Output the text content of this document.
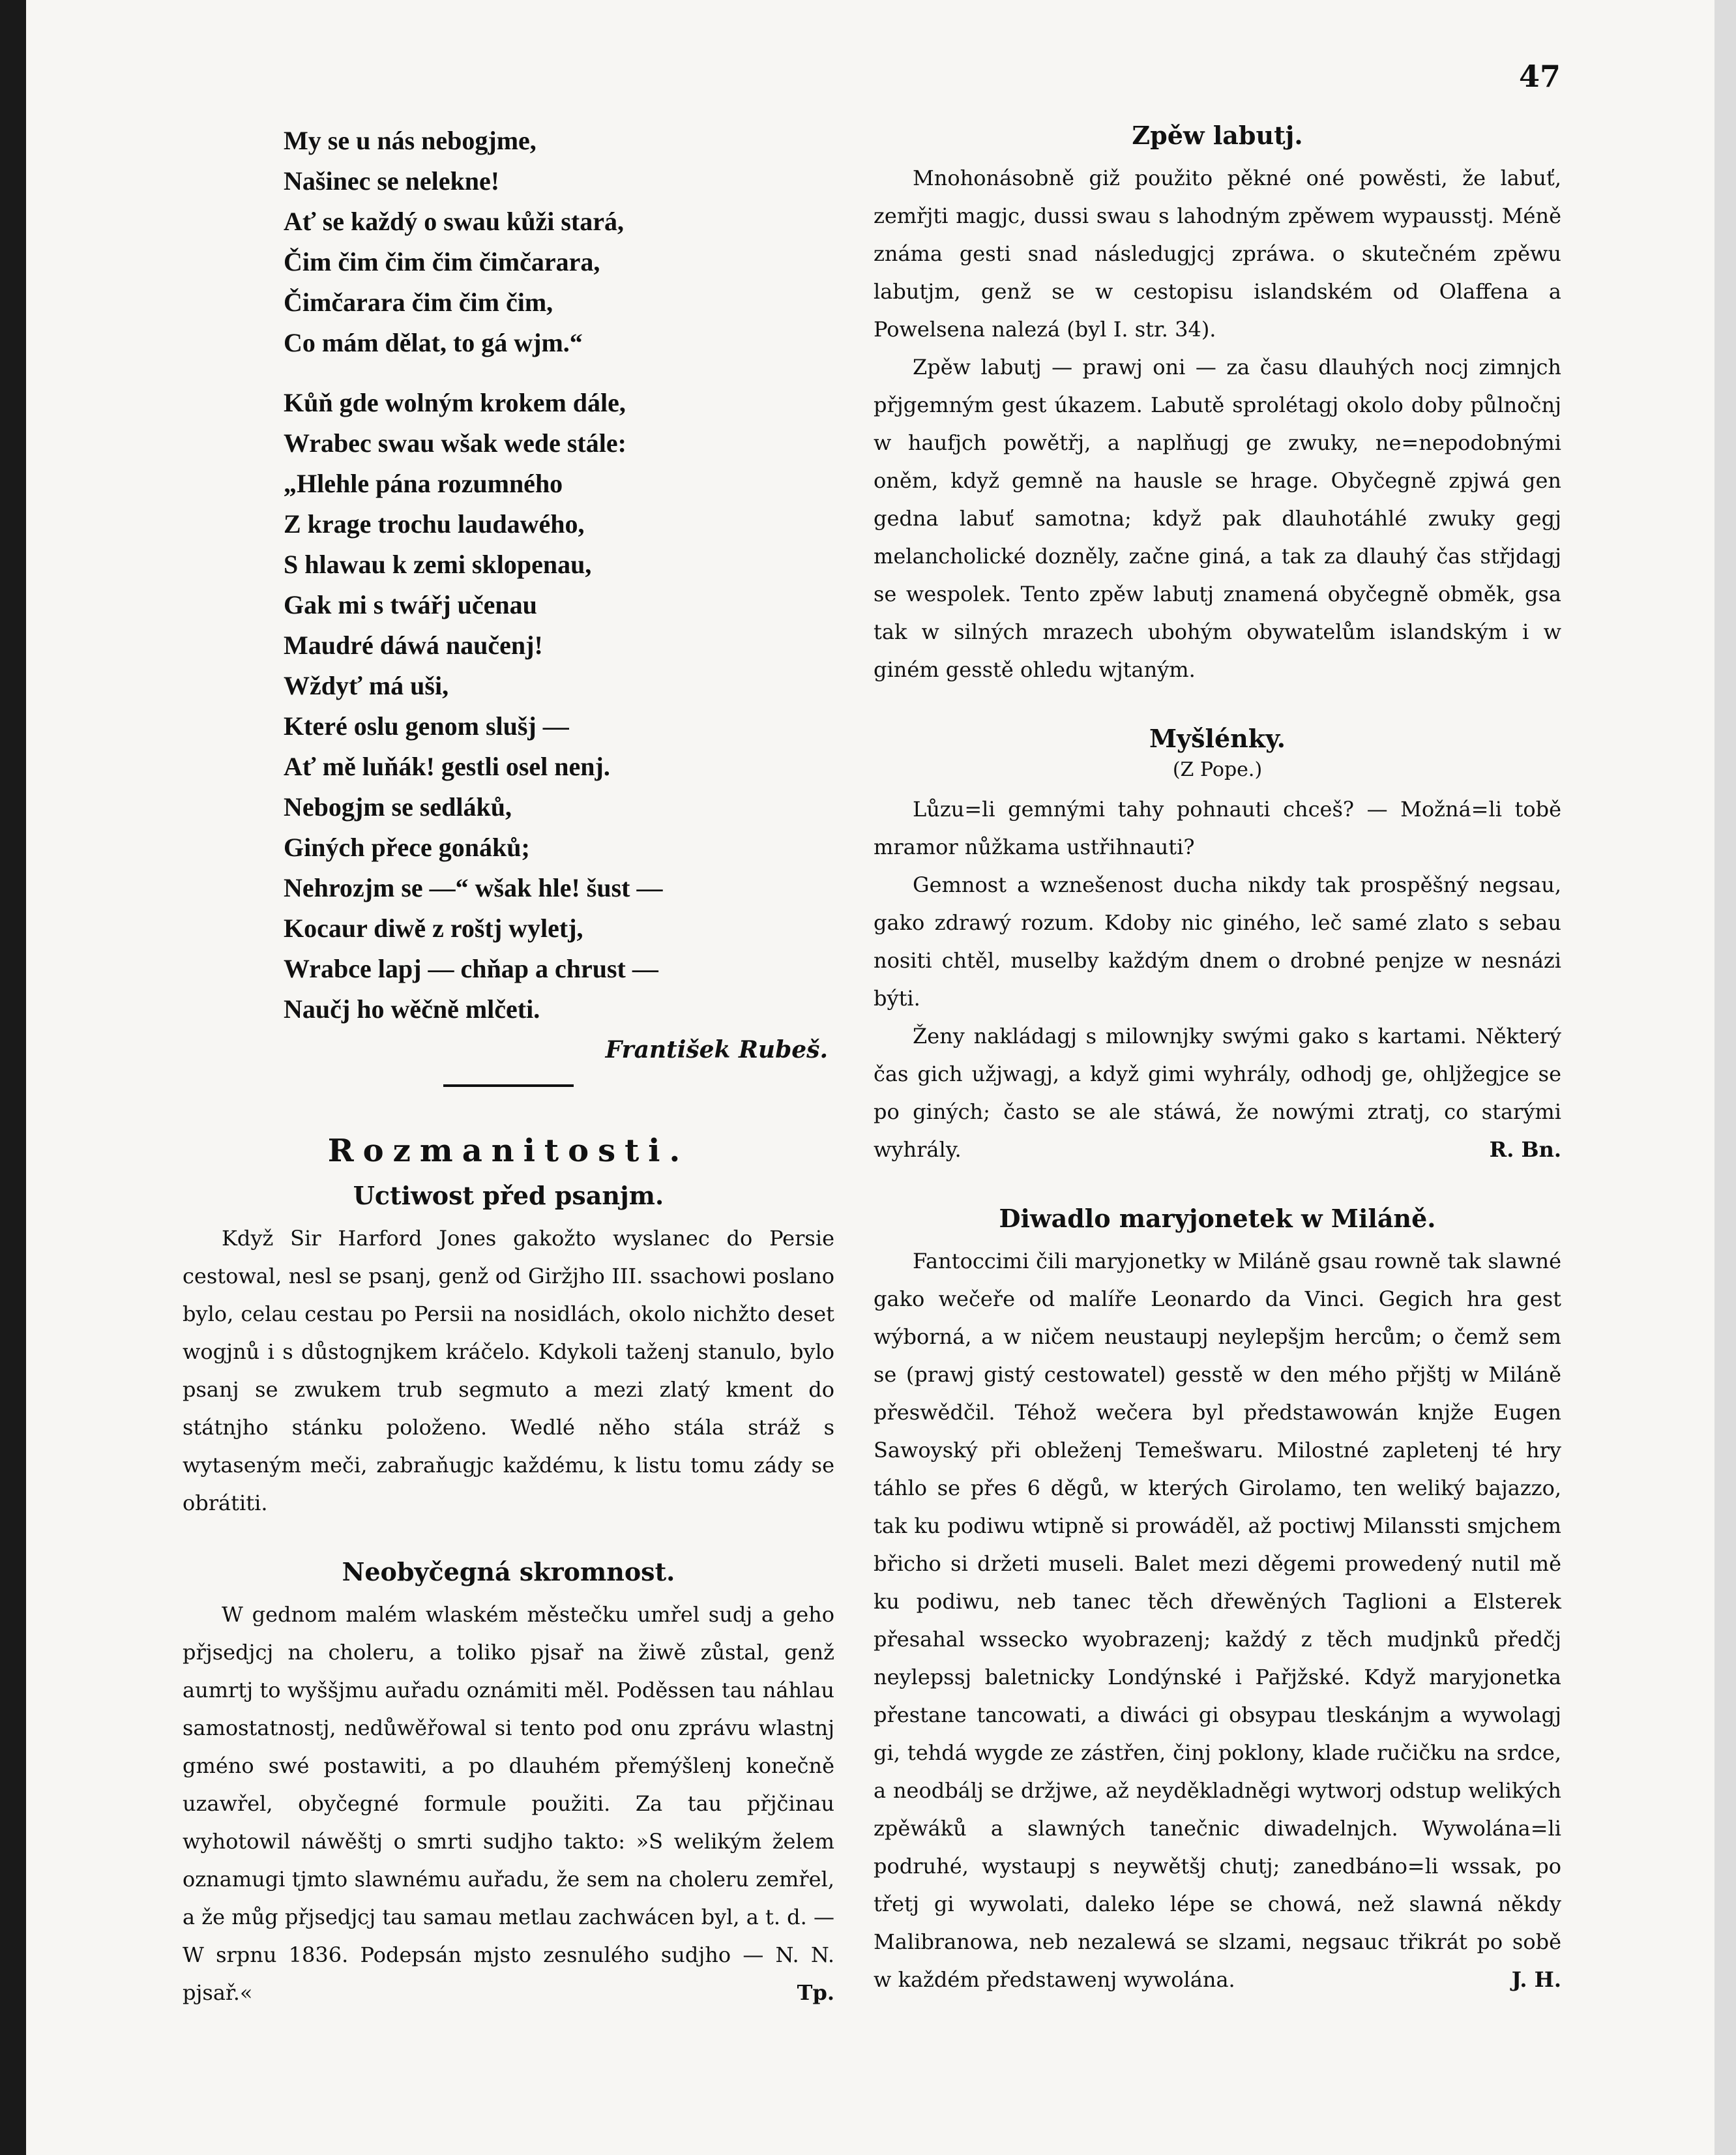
47
My se u nás nebogjme,
Našinec se nelekne!
Ať se každý o swau kůži stará,
Čim čim čim čim čimčarara,
Čimčarara čim čim čim,
Co mám dělat, to gá wjm.“
Kůň gde wolným krokem dále,
Wrabec swau wšak wede stále:
„Hlehle pána rozumného
Z krage trochu laudawého,
S hlawau k zemi sklopenau,
Gak mi s twářj učenau
Maudré dáwá naučenj!
Wždyť má uši,
Které oslu genom slušj —
Ať mě luňák! gestli osel nenj.
Nebogjm se sedláků,
Giných přece gonáků;
Nehrozjm se —“ wšak hle! šust —
Kocaur diwě z roštj wyletj,
Wrabce lapj — chňap a chrust —
Naučj ho wěčně mlčeti.
František Rubeš.
Rozmanitosti.
Uctiwost před psanjm.

Když Sir Harford Jones gakožto wyslanec do Persie cestowal, nesl se psanj, genž od Giržjho III. ssachowi poslano bylo, celau cestau po Persii na nosidlách, okolo nichžto deset wogjnů i s důstognjkem kráčelo. Kdykoli taženj stanulo, bylo psanj se zwukem trub segmuto a mezi zlatý kment do státnjho stánku položeno. Wedlé něho stála stráž s wytaseným meči, zabraňugjc každému, k listu tomu zády se obrátiti.

Neobyčegná skromnost.

W gednom malém wlaském městečku umřel sudj a geho přjsedjcj na choleru, a toliko pjsař na žiwě zůstal, genž aumrtj to wyššjmu auřadu oznámiti měl. Poděssen tau náhlau samostatnostj, nedůwěřowal si tento pod onu zprávu wlastnj gméno swé postawiti, a po dlauhém přemýšlenj konečně uzawřel, obyčegné formule použiti. Za tau přjčinau wyhotowil náwěštj o smrti sudjho takto: »S welikým želem oznamugi tjmto slawnému auřadu, že sem na choleru zemřel, a že můg přjsedjcj tau samau metlau zachwácen byl, a t. d. — W srpnu 1836. Podepsán mjsto zesnulého sudjho — N. N. pjsař.«	Tp.

Zpěw labutj.

Mnohonásobně giž použito pěkné oné powěsti, že labuť, zemřjti magjc, dussi swau s lahodným zpěwem wypausstj. Méně známa gesti snad následugjcj zpráwa. o skutečném zpěwu labutjm, genž se w cestopisu islandském od Olaffena a Powelsena nalezá (byl I. str. 34).

Zpěw labutj — prawj oni — za času dlauhých nocj zimnjch přjgemným gest úkazem. Labutě sprolétagj okolo doby půlnočnj w haufjch powětřj, a naplňugj ge zwuky, ne=nepodobnými oněm, když gemně na hausle se hrage. Obyčegně zpjwá gen gedna labuť samotna; když pak dlauhotáhlé zwuky gegj melancholické dozněly, začne giná, a tak za dlauhý čas střjdagj se wespolek. Tento zpěw labutj znamená obyčegně obměk, gsa tak w silných mrazech ubohým obywatelům islandským i w giném gesstě ohledu wjtaným.

Myšlénky.
(Z Pope.)

Lůzu=li gemnými tahy pohnauti chceš? — Možná=li tobě mramor nůžkama ustřihnauti?

Gemnost a wznešenost ducha nikdy tak prospěšný negsau, gako zdrawý rozum. Kdoby nic giného, leč samé zlato s sebau nositi chtěl, muselby každým dnem o drobné penjze w nesnázi býti.

Ženy nakládagj s milownjky swými gako s kartami. Některý čas gich užjwagj, a když gimi wyhrály, odhodj ge, ohljžegjce se po giných; často se ale stáwá, že nowými ztratj, co starými wyhrály.	R. Bn.

Diwadlo maryjonetek w Miláně.

Fantoccimi čili maryjonetky w Miláně gsau rowně tak slawné gako wečeře od malíře Leonardo da Vinci. Gegich hra gest wýborná, a w ničem neustaupj neylepšjm hercům; o čemž sem se (prawj gistý cestowatel) gesstě w den mého přjštj w Miláně přeswědčil. Téhož wečera byl předstawowán knjže Eugen Sawoyský při obleženj Temešwaru. Milostné zapletenj té hry táhlo se přes 6 děgů, w kterých Girolamo, ten weliký bajazzo, tak ku podiwu wtipně si prowáděl, až poctiwj Milanssti smjchem břicho si držeti museli. Balet mezi děgemi prowedený nutil mě ku podiwu, neb tanec těch dřewěných Taglioni a Elsterek přesahal wssecko wyobrazenj; každý z těch mudjnků předčj neylepssj baletnicky Londýnské i Pařjžské. Když maryjonetka přestane tancowati, a diwáci gi obsypau tleskánjm a wywolagj gi, tehdá wygde ze zástřen, činj poklony, klade ručičku na srdce, a neodbálj se držjwe, až neyděkladněgi wytworj odstup welikých zpěwáků a slawných tanečnic diwadelnjch. Wywolána=li podruhé, wystaupj s neywětšj chutj; zanedbáno=li wssak, po třetj gi wywolati, daleko lépe se chowá, než slawná někdy Malibranowa, neb nezalewá se slzami, negsauc třikrát po sobě w každém předstawenj wywolána.	J. H.
